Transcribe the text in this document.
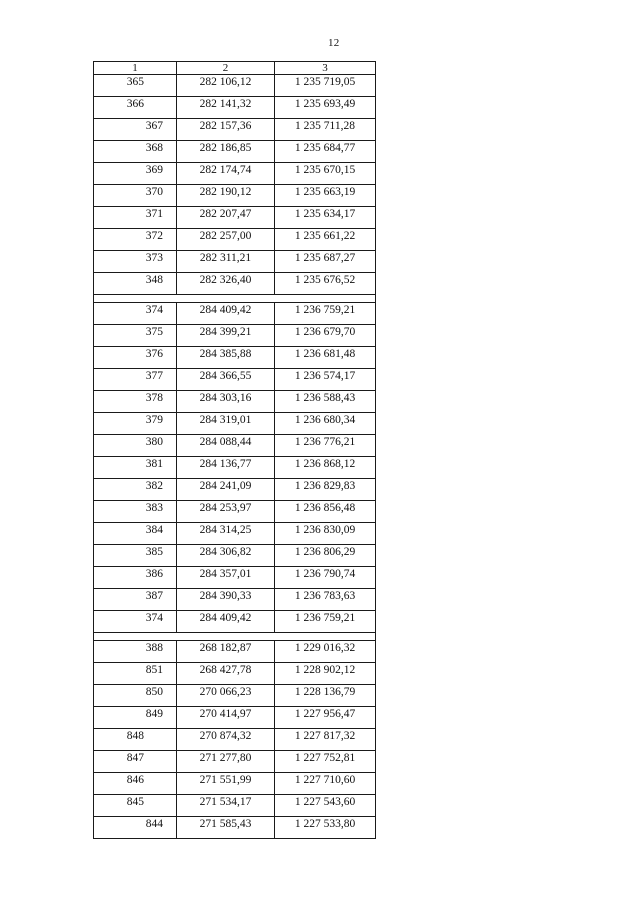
12
1	2	3
365	282 106,12	1 235 719,05
366	282 141,32	1 235 693,49
367	282 157,36	1 235 711,28
368	282 186,85	1 235 684,77
369	282 174,74	1 235 670,15
370	282 190,12	1 235 663,19
371	282 207,47	1 235 634,17
372	282 257,00	1 235 661,22
373	282 311,21	1 235 687,27
348	282 326,40	1 235 676,52

374	284 409,42	1 236 759,21
375	284 399,21	1 236 679,70
376	284 385,88	1 236 681,48
377	284 366,55	1 236 574,17
378	284 303,16	1 236 588,43
379	284 319,01	1 236 680,34
380	284 088,44	1 236 776,21
381	284 136,77	1 236 868,12
382	284 241,09	1 236 829,83
383	284 253,97	1 236 856,48
384	284 314,25	1 236 830,09
385	284 306,82	1 236 806,29
386	284 357,01	1 236 790,74
387	284 390,33	1 236 783,63
374	284 409,42	1 236 759,21

388	268 182,87	1 229 016,32
851	268 427,78	1 228 902,12
850	270 066,23	1 228 136,79
849	270 414,97	1 227 956,47
848	270 874,32	1 227 817,32
847	271 277,80	1 227 752,81
846	271 551,99	1 227 710,60
845	271 534,17	1 227 543,60
844	271 585,43	1 227 533,80
